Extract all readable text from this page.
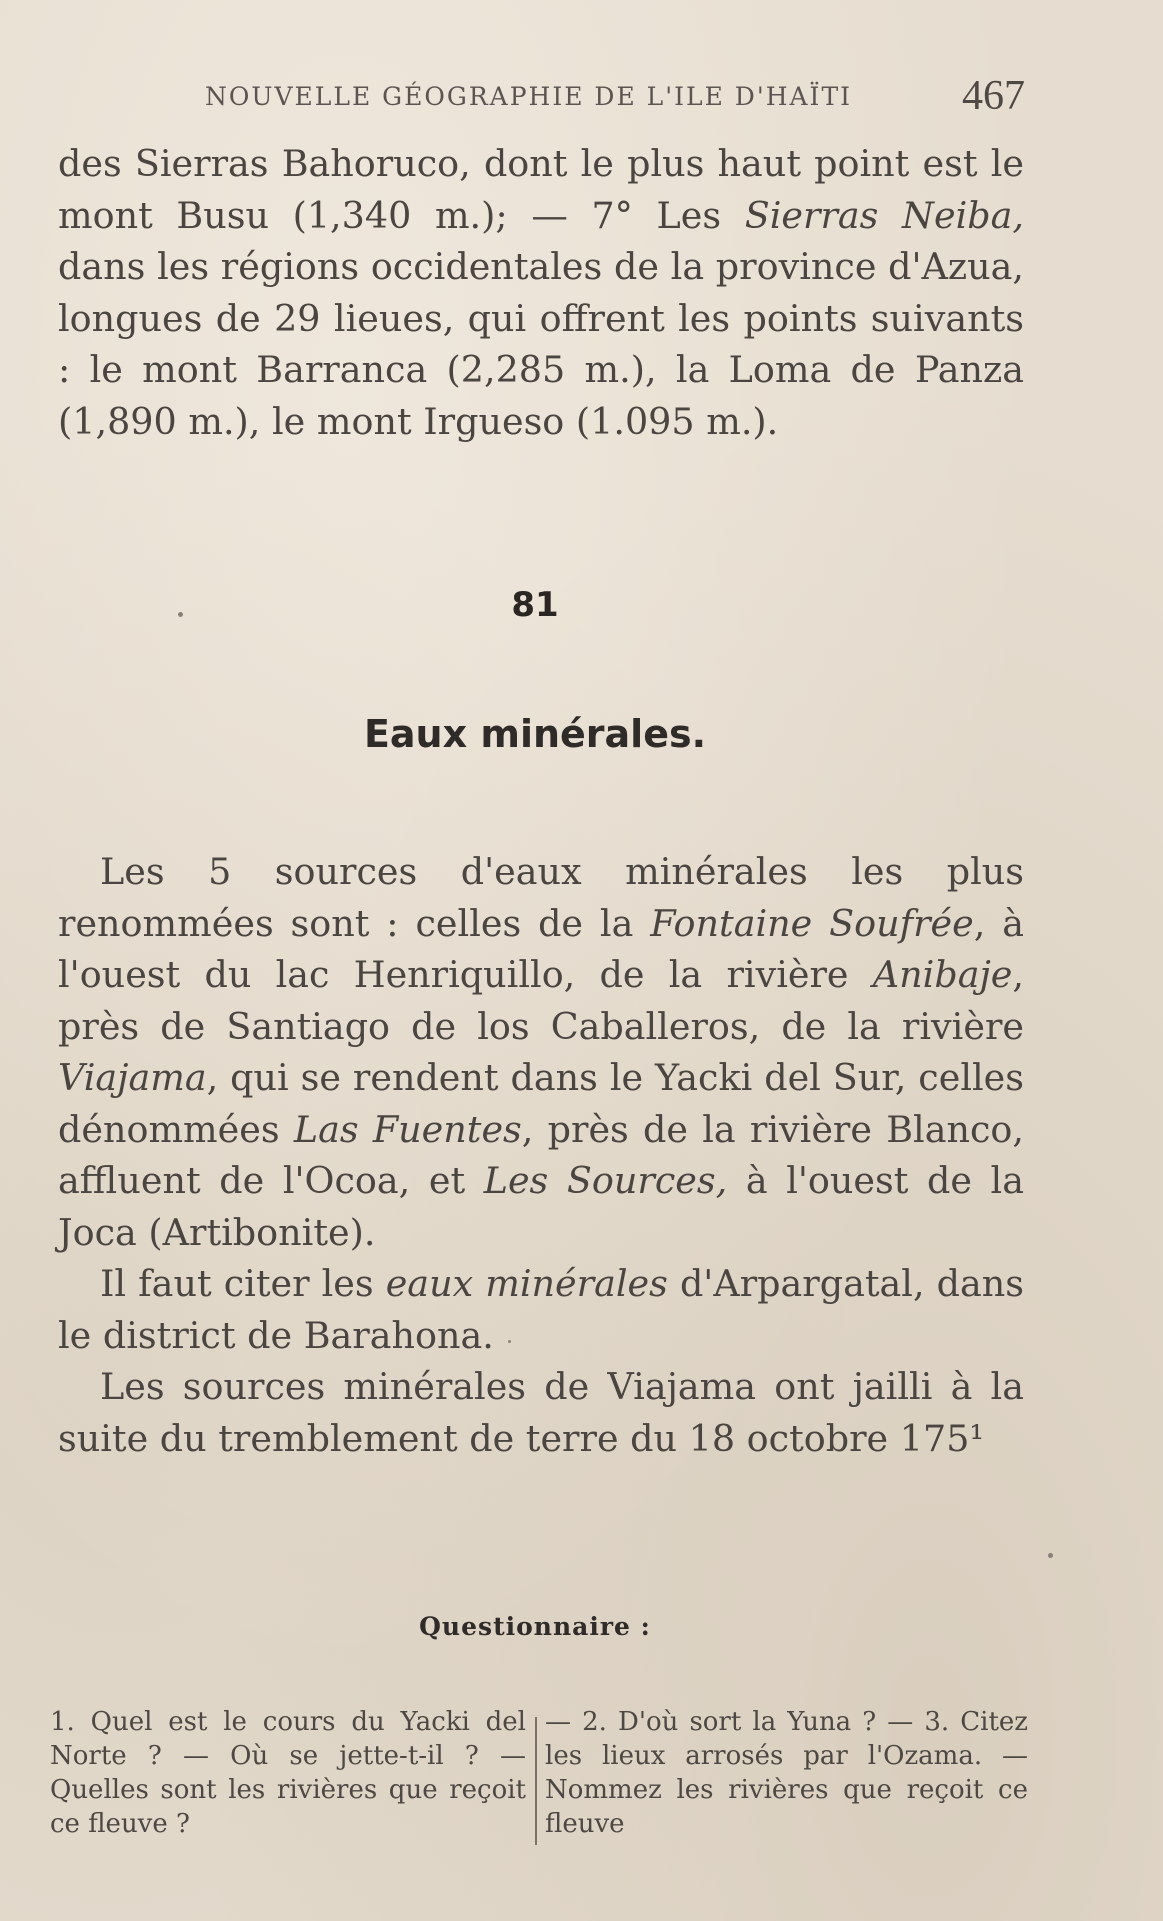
NOUVELLE GÉOGRAPHIE DE L'ILE D'HAÏTI	467

des Sierras Bahoruco, dont le plus haut point est le mont Busu (1,340 m.); — 7° Les Sierras Neiba, dans les régions occidentales de la province d'Azua, longues de 29 lieues, qui offrent les points suivants : le mont Barranca (2,285 m.), la Loma de Panza (1,890 m.), le mont Irgueso (1.095 m.).

81
Eaux minérales.

Les 5 sources d'eaux minérales les plus renommées sont : celles de la Fontaine Soufrée, à l'ouest du lac Henriquillo, de la rivière Anibaje, près de Santiago de los Caballeros, de la rivière Viajama, qui se rendent dans le Yacki del Sur, celles dénommées Las Fuentes, près de la rivière Blanco, affluent de l'Ocoa, et Les Sources, à l'ouest de la Joca (Artibonite).

Il faut citer les eaux minérales d'Arpargatal, dans le district de Barahona.

Les sources minérales de Viajama ont jailli à la suite du tremblement de terre du 18 octobre 175¹

Questionnaire :
1. Quel est le cours du Yacki del Norte ? — Où se jette-t-il ? — Quelles sont les rivières que reçoit ce fleuve ?
— 2. D'où sort la Yuna ? — 3. Citez les lieux arrosés par l'Ozama. — Nommez les rivières que reçoit ce fleuve
